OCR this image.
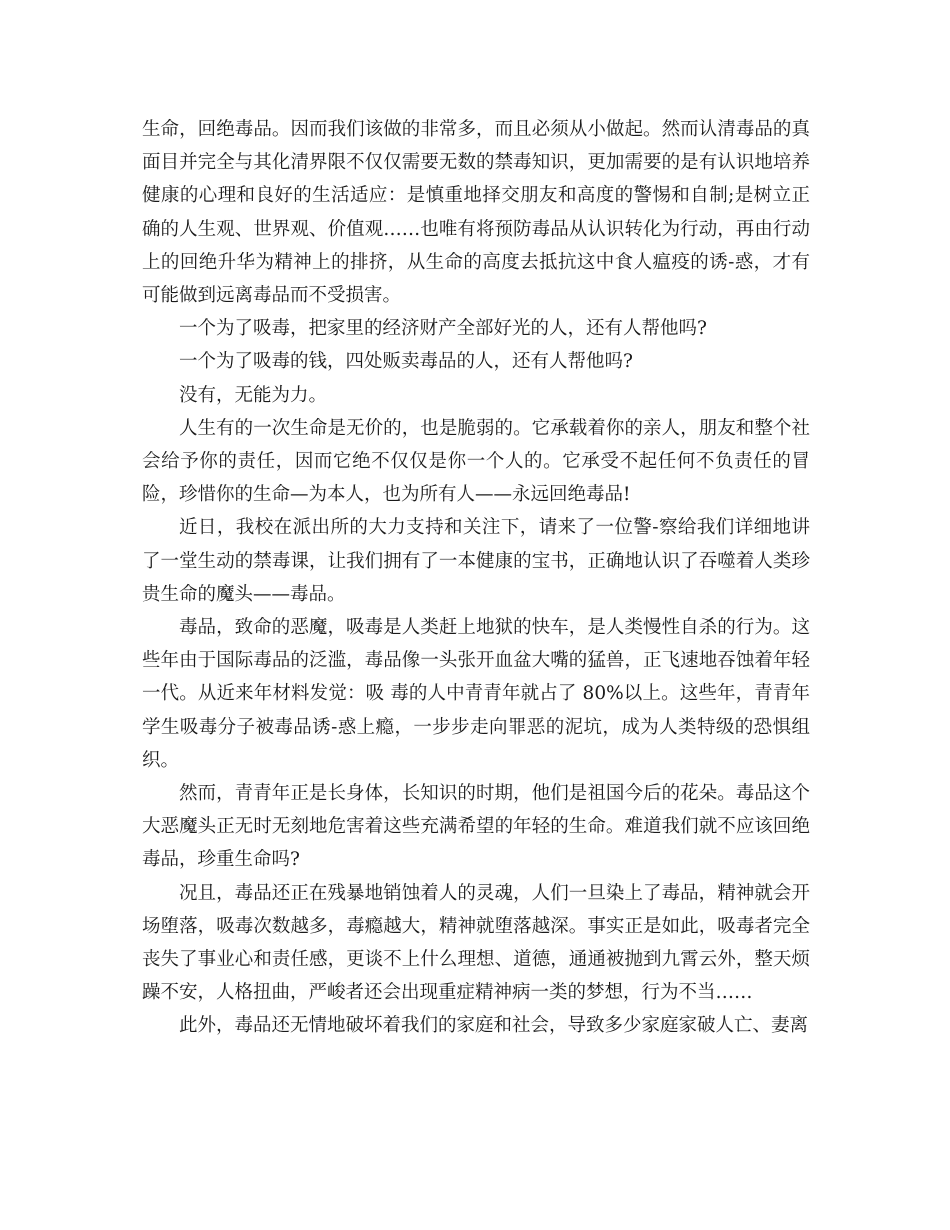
生命，回绝毒品。因而我们该做的非常多，而且必须从小做起。然而认清毒品的真面目并完全与其化清界限不仅仅需要无数的禁毒知识，更加需要的是有认识地培养健康的心理和良好的生活适应：是慎重地择交朋友和高度的警惕和自制;是树立正确的人生观、世界观、价值观……也唯有将预防毒品从认识转化为行动，再由行动上的回绝升华为精神上的排挤，从生命的高度去抵抗这中食人瘟疫的诱-惑，才有可能做到远离毒品而不受损害。

一个为了吸毒，把家里的经济财产全部好光的人，还有人帮他吗?

一个为了吸毒的钱，四处贩卖毒品的人，还有人帮他吗?

没有，无能为力。

人生有的一次生命是无价的，也是脆弱的。它承载着你的亲人，朋友和整个社会给予你的责任，因而它绝不仅仅是你一个人的。它承受不起任何不负责任的冒险，珍惜你的生命—为本人，也为所有人——永远回绝毒品!

近日，我校在派出所的大力支持和关注下，请来了一位警-察给我们详细地讲了一堂生动的禁毒课，让我们拥有了一本健康的宝书，正确地认识了吞噬着人类珍贵生命的魔头——毒品。

毒品，致命的恶魔，吸毒是人类赶上地狱的快车，是人类慢性自杀的行为。这些年由于国际毒品的泛滥，毒品像一头张开血盆大嘴的猛兽，正飞速地吞蚀着年轻一代。从近来年材料发觉：吸 毒的人中青青年就占了 80%以上。这些年，青青年学生吸毒分子被毒品诱-惑上瘾，一步步走向罪恶的泥坑，成为人类特级的恐惧组织。

然而，青青年正是长身体，长知识的时期，他们是祖国今后的花朵。毒品这个大恶魔头正无时无刻地危害着这些充满希望的年轻的生命。难道我们就不应该回绝毒品，珍重生命吗?

况且，毒品还正在残暴地销蚀着人的灵魂，人们一旦染上了毒品，精神就会开场堕落，吸毒次数越多，毒瘾越大，精神就堕落越深。事实正是如此，吸毒者完全丧失了事业心和责任感，更谈不上什么理想、道德，通通被抛到九霄云外，整天烦躁不安，人格扭曲，严峻者还会出现重症精神病一类的梦想，行为不当……

此外，毒品还无情地破坏着我们的家庭和社会，导致多少家庭家破人亡、妻离
